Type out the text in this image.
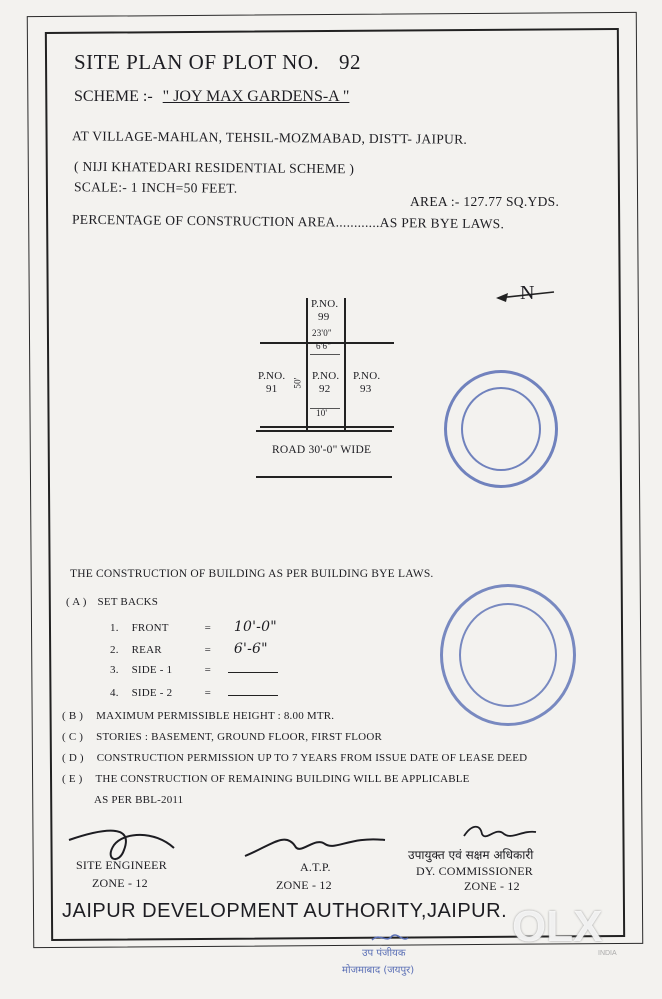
SITE PLAN OF PLOT NO. 92
SCHEME :- " JOY MAX GARDENS-A "
AT VILLAGE-MAHLAN, TEHSIL-MOZMABAD, DISTT- JAIPUR.
( NIJI KHATEDARI RESIDENTIAL SCHEME )
SCALE:- 1 INCH=50 FEET.
AREA :- 127.77 SQ.YDS.
PERCENTAGE OF CONSTRUCTION AREA............AS PER BYE LAWS.
N
P.NO.
99
23'0"
6'6"
P.NO.
91 50'
P.NO.
92
P.NO.
93
10'
ROAD 30'-0" WIDE
THE CONSTRUCTION OF BUILDING AS PER BUILDING BYE LAWS.
( A ) SET BACKS
1. FRONT	= 10'-0"
2. REAR	= 6'-6"
3. SIDE - 1	=
4. SIDE - 2	=
( B ) MAXIMUM PERMISSIBLE HEIGHT : 8.00 MTR.
( C ) STORIES : BASEMENT, GROUND FLOOR, FIRST FLOOR
( D ) CONSTRUCTION PERMISSION UP TO 7 YEARS FROM ISSUE DATE OF LEASE DEED
( E ) THE CONSTRUCTION OF REMAINING BUILDING WILL BE APPLICABLE
AS PER BBL-2011
SITE ENGINEER
ZONE - 12
A.T.P.
ZONE - 12
उपायुक्त एवं सक्षम अधिकारी
DY. COMMISSIONER
ZONE - 12
JAIPUR DEVELOPMENT AUTHORITY,JAIPUR.
उप पंजीयक
मोजमाबाद (जयपुर)
OLX
INDIA
